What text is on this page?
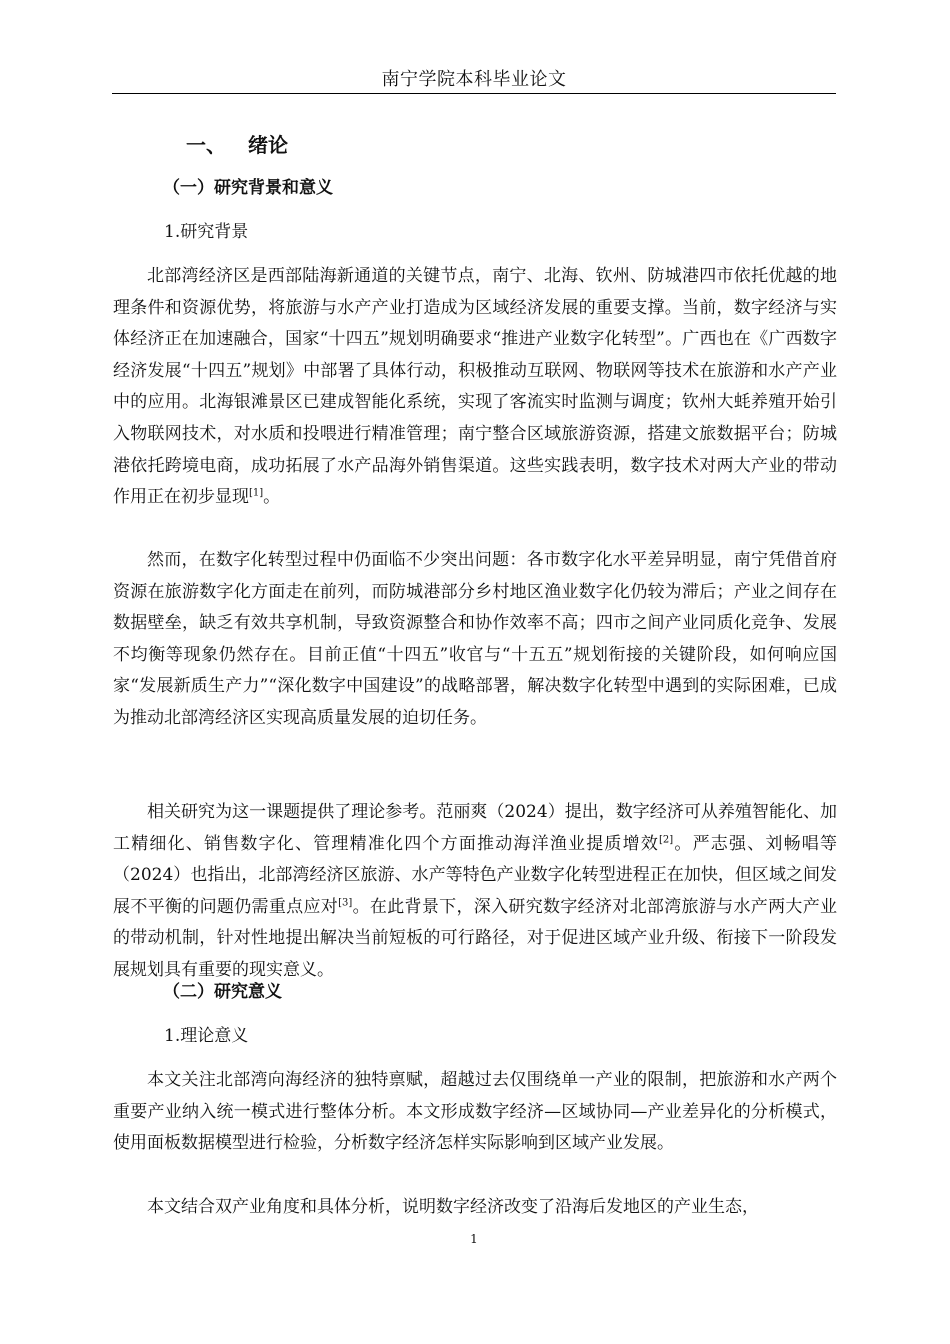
南宁学院本科毕业论文
一、 绪论
（一）研究背景和意义
1.研究背景

北部湾经济区是西部陆海新通道的关键节点，南宁、北海、钦州、防城港四市依托优越的地理条件和资源优势，将旅游与水产产业打造成为区域经济发展的重要支撑。当前，数字经济与实体经济正在加速融合，国家“十四五”规划明确要求“推进产业数字化转型”。广西也在《广西数字经济发展“十四五”规划》中部署了具体行动，积极推动互联网、物联网等技术在旅游和水产产业中的应用。北海银滩景区已建成智能化系统，实现了客流实时监测与调度；钦州大蚝养殖开始引入物联网技术，对水质和投喂进行精准管理；南宁整合区域旅游资源，搭建文旅数据平台；防城港依托跨境电商，成功拓展了水产品海外销售渠道。这些实践表明，数字技术对两大产业的带动作用正在初步显现[1]。

然而，在数字化转型过程中仍面临不少突出问题：各市数字化水平差异明显，南宁凭借首府资源在旅游数字化方面走在前列，而防城港部分乡村地区渔业数字化仍较为滞后；产业之间存在数据壁垒，缺乏有效共享机制，导致资源整合和协作效率不高；四市之间产业同质化竞争、发展不均衡等现象仍然存在。目前正值“十四五”收官与“十五五”规划衔接的关键阶段，如何响应国家“发展新质生产力”“深化数字中国建设”的战略部署，解决数字化转型中遇到的实际困难，已成为推动北部湾经济区实现高质量发展的迫切任务。

相关研究为这一课题提供了理论参考。范丽爽（2024）提出，数字经济可从养殖智能化、加工精细化、销售数字化、管理精准化四个方面推动海洋渔业提质增效[2]。严志强、刘畅唱等（2024）也指出，北部湾经济区旅游、水产等特色产业数字化转型进程正在加快，但区域之间发展不平衡的问题仍需重点应对[3]。在此背景下，深入研究数字经济对北部湾旅游与水产两大产业的带动机制，针对性地提出解决当前短板的可行路径，对于促进区域产业升级、衔接下一阶段发展规划具有重要的现实意义。

（二）研究意义
1.理论意义

本文关注北部湾向海经济的独特禀赋，超越过去仅围绕单一产业的限制，把旅游和水产两个重要产业纳入统一模式进行整体分析。本文形成数字经济—区域协同—产业差异化的分析模式，使用面板数据模型进行检验，分析数字经济怎样实际影响到区域产业发展。

本文结合双产业角度和具体分析，说明数字经济改变了沿海后发地区的产业生态，

1
